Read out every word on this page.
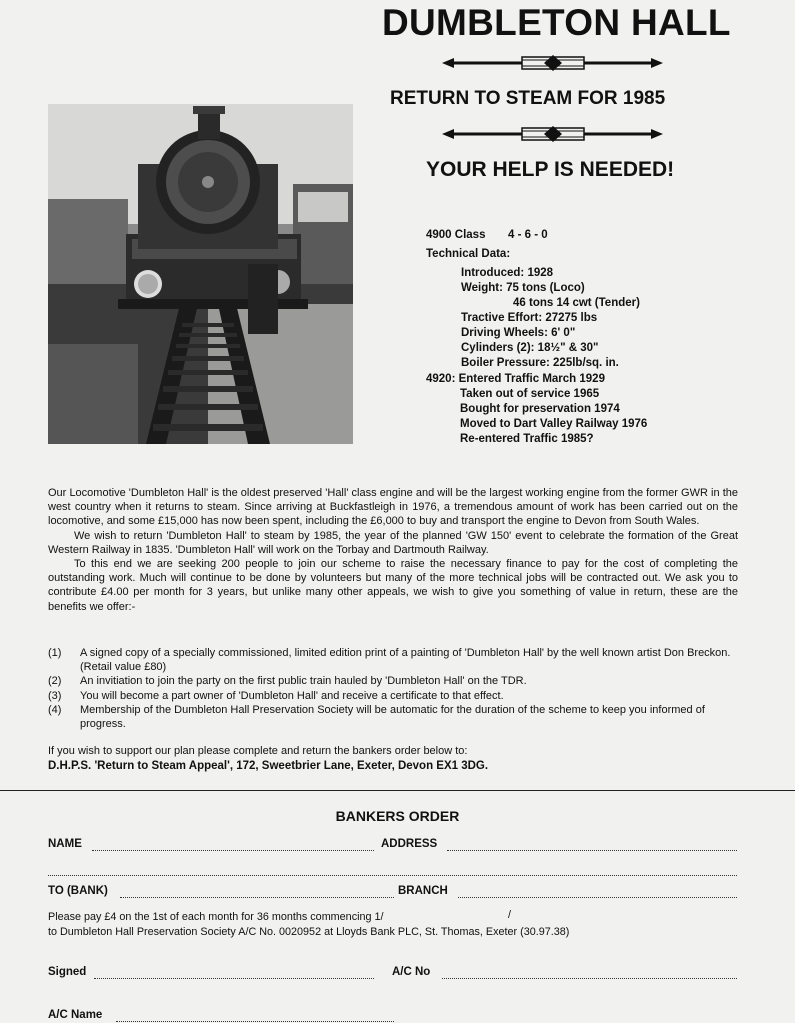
DUMBLETON HALL
RETURN TO STEAM FOR 1985
YOUR HELP IS NEEDED!
4900 Class 4 - 6 - 0
Technical Data:
Introduced: 1928
Weight: 75 tons (Loco)
46 tons 14 cwt (Tender)
Tractive Effort: 27275 lbs
Driving Wheels: 6' 0"
Cylinders (2): 18½" & 30"
Boiler Pressure: 225lb/sq. in.
4920: Entered Traffic March 1929
Taken out of service 1965
Bought for preservation 1974
Moved to Dart Valley Railway 1976
Re-entered Traffic 1985?

Our Locomotive 'Dumbleton Hall' is the oldest preserved 'Hall' class engine and will be the largest working engine from the former GWR in the west country when it returns to steam. Since arriving at Buckfastleigh in 1976, a tremendous amount of work has been carried out on the locomotive, and some £15,000 has now been spent, including the £6,000 to buy and transport the engine to Devon from South Wales.

We wish to return 'Dumbleton Hall' to steam by 1985, the year of the planned 'GW 150' event to celebrate the formation of the Great Western Railway in 1835. 'Dumbleton Hall' will work on the Torbay and Dartmouth Railway.

To this end we are seeking 200 people to join our scheme to raise the necessary finance to pay for the cost of completing the outstanding work. Much will continue to be done by volunteers but many of the more technical jobs will be contracted out. We ask you to contribute £4.00 per month for 3 years, but unlike many other appeals, we wish to give you something of value in return, these are the benefits we offer:-

(1)	A signed copy of a specially commissioned, limited edition print of a painting of 'Dumbleton Hall' by the well known artist Don Breckon. (Retail value £80)
(2)	An invitiation to join the party on the first public train hauled by 'Dumbleton Hall' on the TDR.
(3)	You will become a part owner of 'Dumbleton Hall' and receive a certificate to that effect.
(4)	Membership of the Dumbleton Hall Preservation Society will be automatic for the duration of the scheme to keep you informed of progress.
If you wish to support our plan please complete and return the bankers order below to:
D.H.P.S. 'Return to Steam Appeal', 172, Sweetbrier Lane, Exeter, Devon EX1 3DG.
BANKERS ORDER
NAME	ADDRESS
TO (BANK)	BRANCH
Please pay £4 on the 1st of each month for 36 months commencing 1/	/
to Dumbleton Hall Preservation Society A/C No. 0020952 at Lloyds Bank PLC, St. Thomas, Exeter (30.97.38)
Signed	A/C No
A/C Name
